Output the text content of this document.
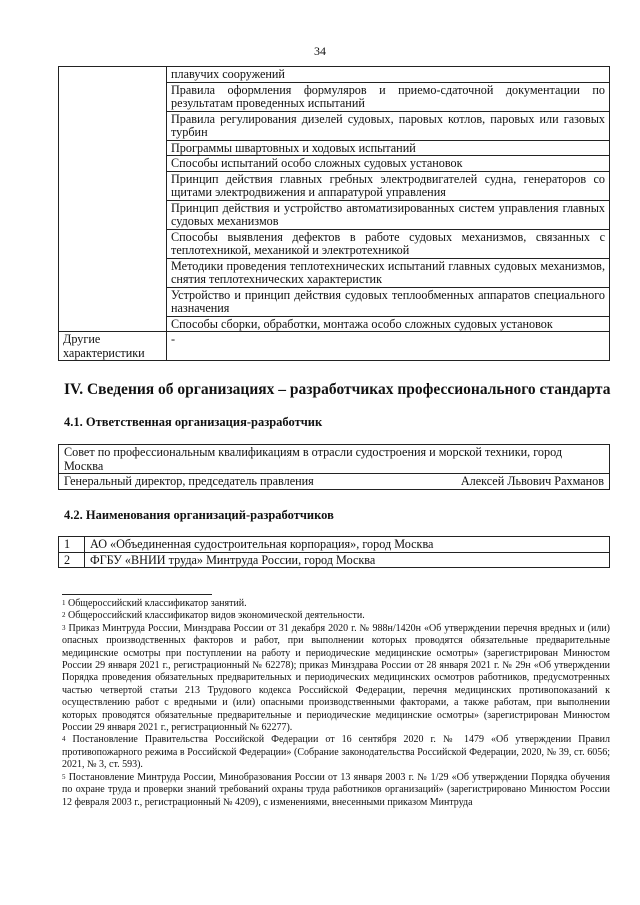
34
	плавучих сооружений
	Правила оформления формуляров и приемо-сдаточной документации по результатам проведенных испытаний
	Правила регулирования дизелей судовых, паровых котлов, паровых или газовых турбин
	Программы швартовных и ходовых испытаний
	Способы испытаний особо сложных судовых установок
	Принцип действия главных гребных электродвигателей судна, генераторов со щитами электродвижения и аппаратурой управления
	Принцип действия и устройство автоматизированных систем управления главных судовых механизмов
	Способы выявления дефектов в работе судовых механизмов, связанных с теплотехникой, механикой и электротехникой
	Методики проведения теплотехнических испытаний главных судовых механизмов, снятия теплотехнических характеристик
	Устройство и принцип действия судовых теплообменных аппаратов специального назначения
	Способы сборки, обработки, монтажа особо сложных судовых установок
Другие характеристики	-
IV. Сведения об организациях – разработчиках профессионального стандарта
4.1. Ответственная организация-разработчик
Совет по профессиональным квалификациям в отрасли судостроения и морской техники, город Москва

Генеральный директор, председатель правления	Алексей Львович Рахманов
4.2. Наименования организаций-разработчиков
1	АО «Объединенная судостроительная корпорация», город Москва
2	ФГБУ «ВНИИ труда» Минтруда России, город Москва

$^1$ Общероссийский классификатор занятий.

$^2$ Общероссийский классификатор видов экономической деятельности.

$^3$ Приказ Минтруда России, Минздрава России от 31 декабря 2020 г. № 988н/1420н «Об утверждении перечня вредных и (или) опасных производственных факторов и работ, при выполнении которых проводятся обязательные предварительные медицинские осмотры при поступлении на работу и периодические медицинские осмотры» (зарегистрирован Минюстом России 29 января 2021 г., регистрационный № 62278); приказ Минздрава России от 28 января 2021 г. № 29н «Об утверждении Порядка проведения обязательных предварительных и периодических медицинских осмотров работников, предусмотренных частью четвертой статьи 213 Трудового кодекса Российской Федерации, перечня медицинских противопоказаний к осуществлению работ с вредными и (или) опасными производственными факторами, а также работам, при выполнении которых проводятся обязательные предварительные и периодические медицинские осмотры» (зарегистрирован Минюстом России 29 января 2021 г., регистрационный № 62277).

$^4$ Постановление Правительства Российской Федерации от 16 сентября 2020 г. № 1479 «Об утверждении Правил противопожарного режима в Российской Федерации» (Собрание законодательства Российской Федерации, 2020, № 39, ст. 6056; 2021, № 3, ст. 593).

$^5$ Постановление Минтруда России, Минобразования России от 13 января 2003 г. № 1/29 «Об утверждении Порядка обучения по охране труда и проверки знаний требований охраны труда работников организаций» (зарегистрировано Минюстом России 12 февраля 2003 г., регистрационный № 4209), с изменениями, внесенными приказом Минтруда
